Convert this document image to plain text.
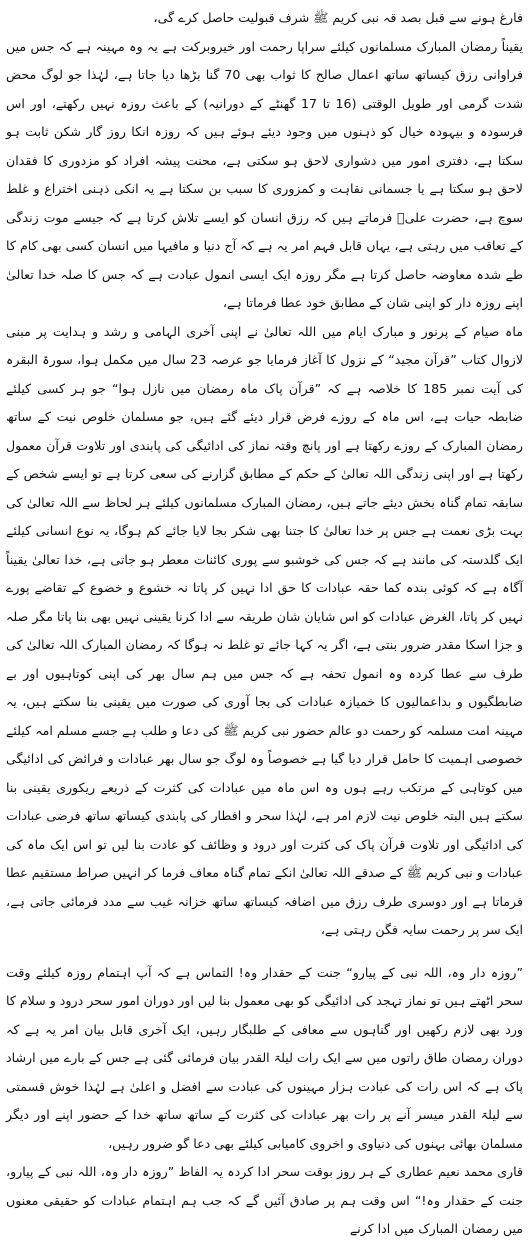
فارغ ہونے سے قبل بصد قہ نبی کریم ﷺ شرف قبولیت حاصل کرے گی،

یقیناً رمضان المبارک مسلمانوں کیلئے سراپا رحمت اور خیروبرکت ہے یہ وہ مہینہ ہے کہ جس میں فراوانی رزق کیساتھ ساتھ اعمال صالح کا ثواب بھی 70 گنا بڑھا دیا جاتا ہے، لہٰذا جو لوگ محض شدت گرمی اور طویل الوقتی (16 تا 17 گھنٹے کے دورانیہ) کے باعث روزہ نہیں رکھتے، اور اس فرسودہ و بیہودہ خیال کو ذہنوں میں وجود دیئے ہوئے ہیں کہ روزہ انکا روز گار شکن ثابت ہو سکتا ہے، دفتری امور میں دشواری لاحق ہو سکتی ہے، محنت پیشہ افراد کو مزدوری کا فقدان لاحق ہو سکتا ہے یا جسمانی نقاہت و کمزوری کا سبب بن سکتا ہے یہ انکی ذہنی اختراع و غلط سوچ ہے، حضرت علیؓ فرماتے ہیں کہ رزق انسان کو ایسے تلاش کرتا ہے کہ جیسے موت زندگی کے تعاقب میں رہتی ہے، یہاں قابل فہم امر یہ ہے کہ آج دنیا و مافیہا میں انسان کسی بھی کام کا طے شدہ معاوضہ حاصل کرتا ہے مگر روزہ ایک ایسی انمول عبادت ہے کہ جس کا صلہ خدا تعالیٰ اپنے روزہ دار کو اپنی شان کے مطابق خود عطا فرماتا ہے،

ماہ صیام کے پرنور و مبارک ایام میں اللہ تعالیٰ نے اپنی آخری الہامی و رشد و ہدایت پر مبنی لازوال کتاب ”قرآن مجید“ کے نزول کا آغاز فرمایا جو عرصہ 23 سال میں مکمل ہوا، سورۃ البقرہ کی آیت نمبر 185 کا خلاصہ ہے کہ ”قرآن پاک ماہ رمضان میں نازل ہوا“ جو ہر کسی کیلئے ضابطہ حیات ہے، اس ماہ کے روزے فرض قرار دیئے گئے ہیں، جو مسلمان خلوص نیت کے ساتھ رمضان المبارک کے روزے رکھتا ہے اور پانچ وقتہ نماز کی ادائیگی کی پابندی اور تلاوت قرآن معمول رکھتا ہے اور اپنی زندگی اللہ تعالیٰ کے حکم کے مطابق گزارنے کی سعی کرتا ہے تو ایسے شخص کے سابقہ تمام گناہ بخش دیئے جاتے ہیں، رمضان المبارک مسلمانوں کیلئے ہر لحاظ سے اللہ تعالیٰ کی بہت بڑی نعمت ہے جس پر خدا تعالیٰ کا جتنا بھی شکر بجا لایا جائے کم ہوگا، یہ نوع انسانی کیلئے ایک گلدستہ کی مانند ہے کہ جس کی خوشبو سے پوری کائنات معطر ہو جاتی ہے، خدا تعالیٰ یقیناً آگاہ ہے کہ کوئی بندہ کما حقہ عبادات کا حق ادا نہیں کر پاتا نہ خشوع و خضوع کے تقاضے پورے نہیں کر پاتا، الغرض عبادات کو اس شایان شان طریقہ سے ادا کرنا یقینی نہیں بھی بنا پاتا مگر صلہ و جزا اسکا مقدر ضرور بنتی ہے، اگر یہ کہا جائے تو غلط نہ ہوگا کہ رمضان المبارک اللہ تعالیٰ کی طرف سے عطا کردہ وہ انمول تحفہ ہے کہ جس میں ہم سال بھر کی اپنی کوتاہیوں اور بے ضابطگیوں و بداعمالیوں کا خمیازہ عبادات کی بجا آوری کی صورت میں یقینی بنا سکتے ہیں، یہ مہینہ امت مسلمہ کو رحمت دو عالم حضور نبی کریم ﷺ کی دعا و طلب ہے جسے مسلم امہ کیلئے خصوصی اہمیت کا حامل قرار دیا گیا ہے خصوصاً وہ لوگ جو سال بھر عبادات و فرائض کی ادائیگی میں کوتاہی کے مرتکب رہے ہوں وہ اس ماہ میں عبادات کی کثرت کے ذریعے ریکوری یقینی بنا سکتے ہیں البتہ خلوص نیت لازم امر ہے، لہٰذا سحر و افطار کی پابندی کیساتھ ساتھ فرضی عبادات کی ادائیگی اور تلاوت قرآن پاک کی کثرت اور درود و وظائف کو عادت بنا لیں تو اس ایک ماہ کی عبادات و نبی کریم ﷺ کے صدقے اللہ تعالیٰ انکے تمام گناہ معاف فرما کر انہیں صراط مستقیم عطا فرماتا ہے اور دوسری طرف رزق میں اضافہ کیساتھ ساتھ خزانہ غیب سے مدد فرمائی جاتی ہے، ایک سر پر رحمت سایہ فگن رہتی ہے،

”روزہ دار وہ، اللہ نبی کے پیارو“ جنت کے حقدار وہ! التماس ہے کہ آپ اہتمام روزہ کیلئے وقت سحر اٹھتے ہیں تو نماز تہجد کی ادائیگی کو بھی معمول بنا لیں اور دوران امور سحر درود و سلام کا ورد بھی لازم رکھیں اور گناہوں سے معافی کے طلبگار رہیں، ایک آخری قابل بیان امر یہ ہے کہ دوران رمضان طاق راتوں میں سے ایک رات لیلۃ القدر بیان فرمائی گئی ہے جس کے بارے میں ارشاد پاک ہے کہ اس رات کی عبادت ہزار مہینوں کی عبادت سے افضل و اعلیٰ ہے لہٰذا خوش قسمتی سے لیلۃ القدر میسر آنے پر رات بھر عبادات کی کثرت کے ساتھ ساتھ خدا کے حضور اپنے اور دیگر مسلمان بھائی بہنوں کی دنیاوی و اخروی کامیابی کیلئے بھی دعا گو ضرور رہیں،

قاری محمد نعیم عطاری کے ہر روز بوقت سحر ادا کردہ یہ الفاظ ”روزہ دار وہ، اللہ نبی کے پیارو، جنت کے حقدار وہ!“ اس وقت ہم پر صادق آئیں گے کہ جب ہم اہتمام عبادات کو حقیقی معنوں میں رمضان المبارک میں ادا کرنے
